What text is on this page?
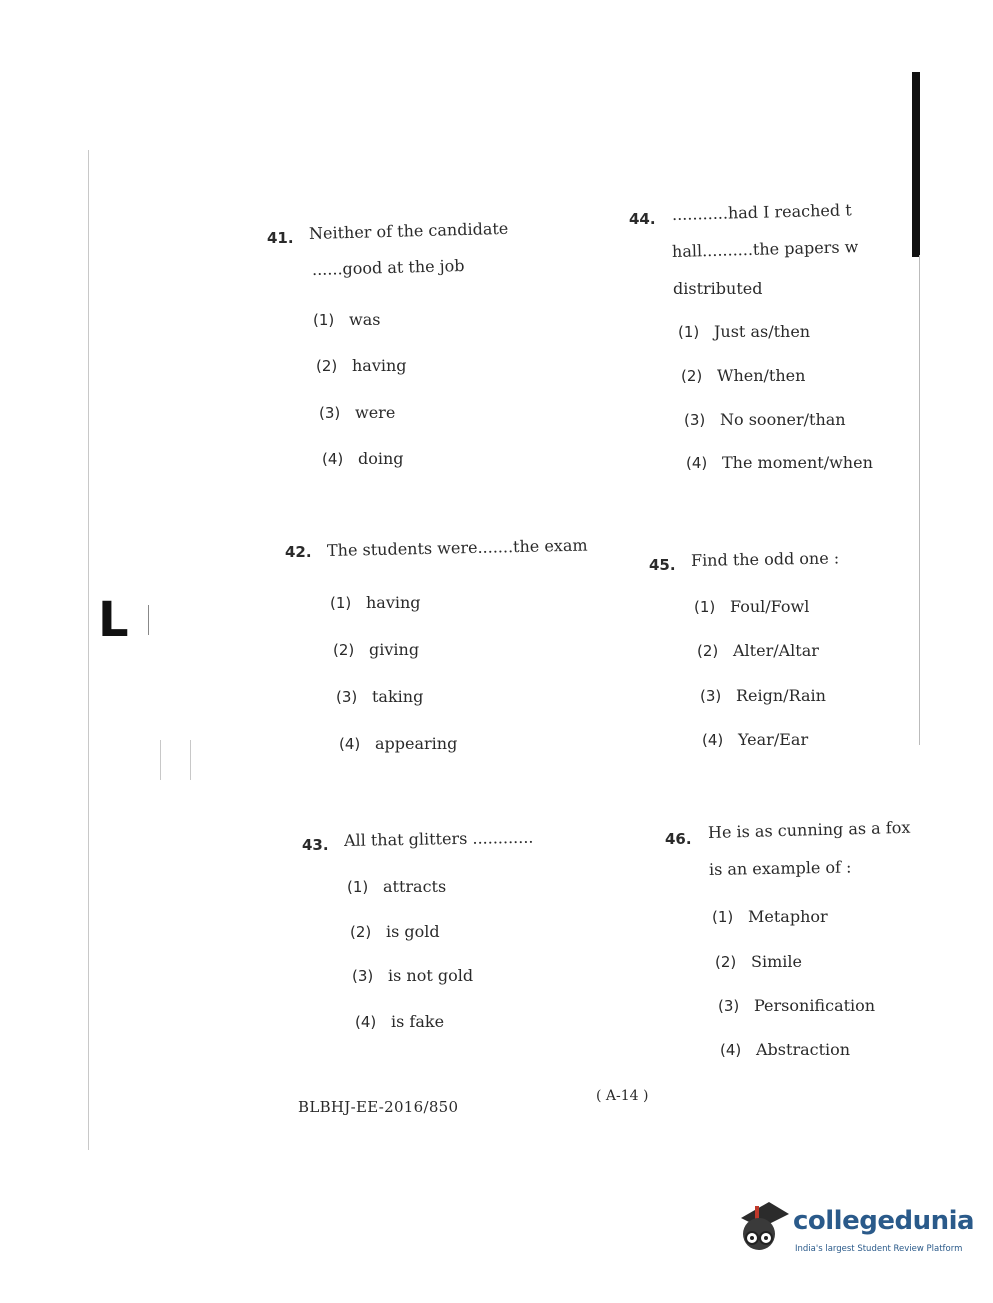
L
41. Neither of the candidate
......good at the job
(1) was
(2) having
(3) were
(4) doing
42. The students were.......the exam
(1) having
(2) giving
(3) taking
(4) appearing
43. All that glitters ............
(1) attracts
(2) is gold
(3) is not gold
(4) is fake
44. ...........had I reached t
hall..........the papers w
distributed
(1) Just as/then
(2) When/then
(3) No sooner/than
(4) The moment/when
45. Find the odd one :
(1) Foul/Fowl
(2) Alter/Altar
(3) Reign/Rain
(4) Year/Ear
46. He is as cunning as a fox
is an example of :
(1) Metaphor
(2) Simile
(3) Personification
(4) Abstraction
BLBHJ-EE-2016/850
( A-14 )
collegedunia
India's largest Student Review Platform
